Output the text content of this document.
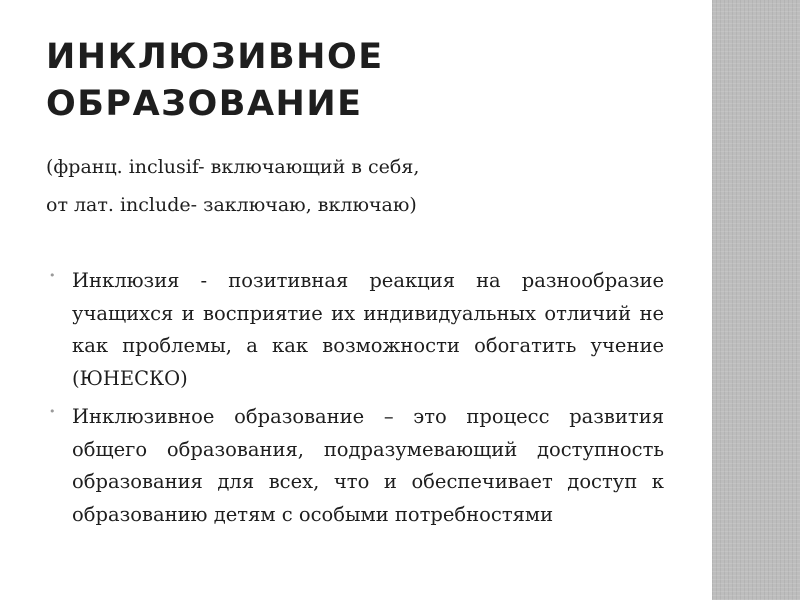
ИНКЛЮЗИВНОЕ
ОБРАЗОВАНИЕ
(франц. inclusif- включающий в себя,
от лат. include- заключаю, включаю)
• Инклюзия - позитивная реакция на разнообразие учащихся и восприятие их индивидуальных отличий не как проблемы, а как возможности обогатить учение (ЮНЕСКО)
• Инклюзивное образование – это процесс развития общего образования, подразумевающий доступность образования для всех, что и обеспечивает доступ к образованию детям с особыми потребностями
